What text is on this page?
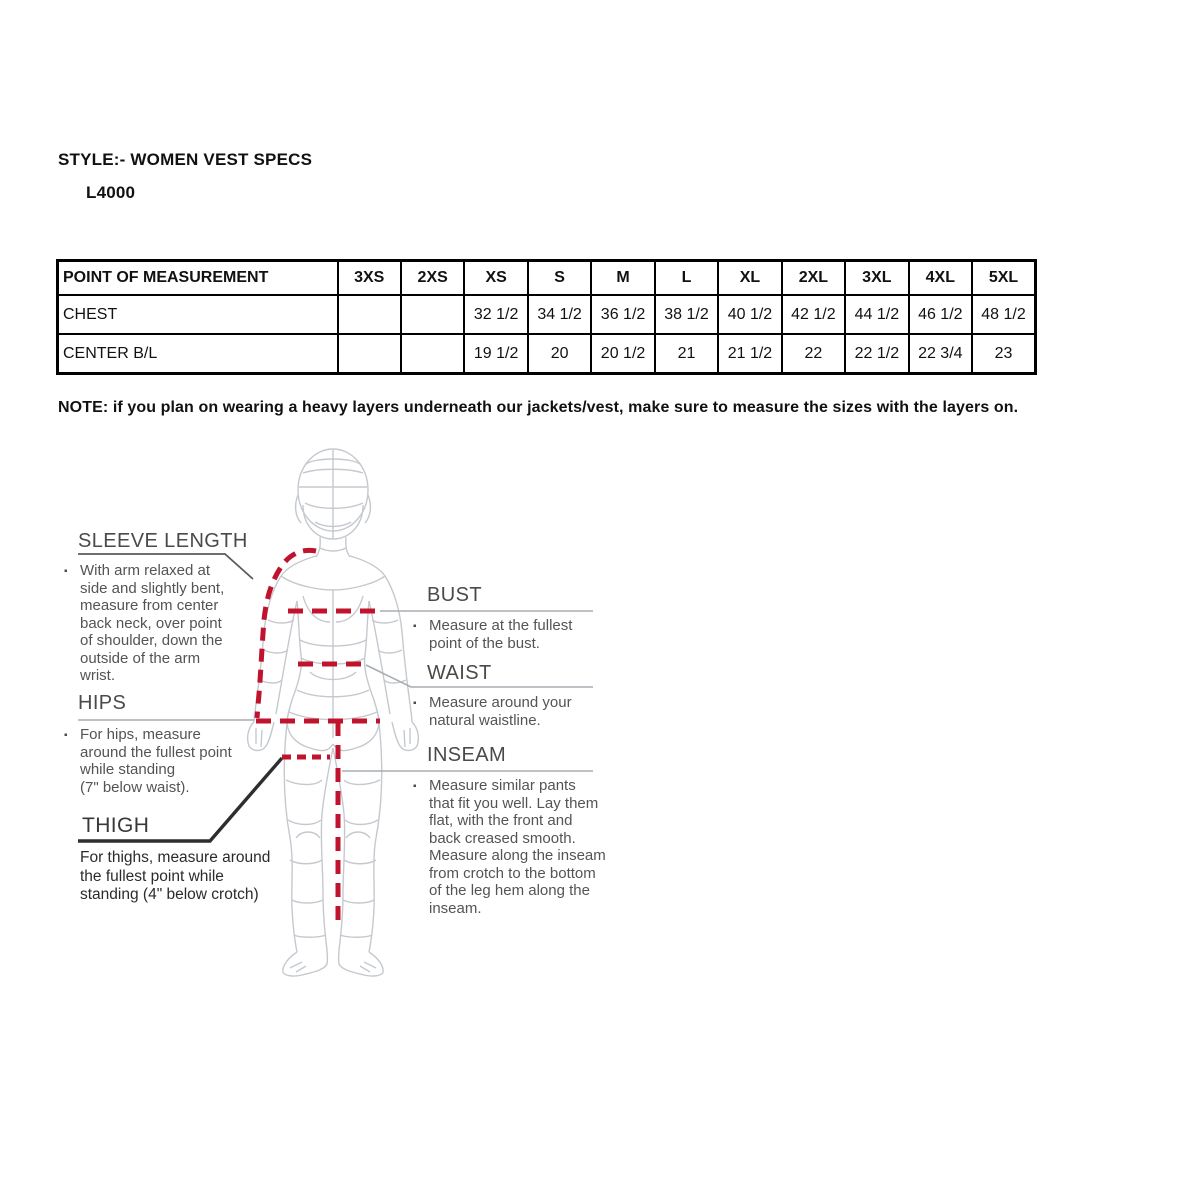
STYLE:- WOMEN VEST SPECS
L4000
POINT OF MEASUREMENT	3XS	2XS	XS	S	M	L	XL	2XL	3XL	4XL	5XL
CHEST			32 1/2	34 1/2	36 1/2	38 1/2	40 1/2	42 1/2	44 1/2	46 1/2	48 1/2
CENTER B/L			19 1/2	20	20 1/2	21	21 1/2	22	22 1/2	22 3/4	23
NOTE: if you plan on wearing a heavy layers underneath our jackets/vest, make sure to measure the sizes with the layers on.
SLEEVE LENGTH
▪ With arm relaxed at
side and slightly bent,
measure from center
back neck, over point
of shoulder, down the
outside of the arm
wrist.
HIPS
▪ For hips, measure
around the fullest point
while standing
(7" below waist).
THIGH
For thighs, measure around
the fullest point while
standing (4" below crotch)
BUST
▪ Measure at the fullest
point of the bust.
WAIST
▪ Measure around your
natural waistline.
INSEAM
▪ Measure similar pants
that fit you well. Lay them
flat, with the front and
back creased smooth.
Measure along the inseam
from crotch to the bottom
of the leg hem along the
inseam.
